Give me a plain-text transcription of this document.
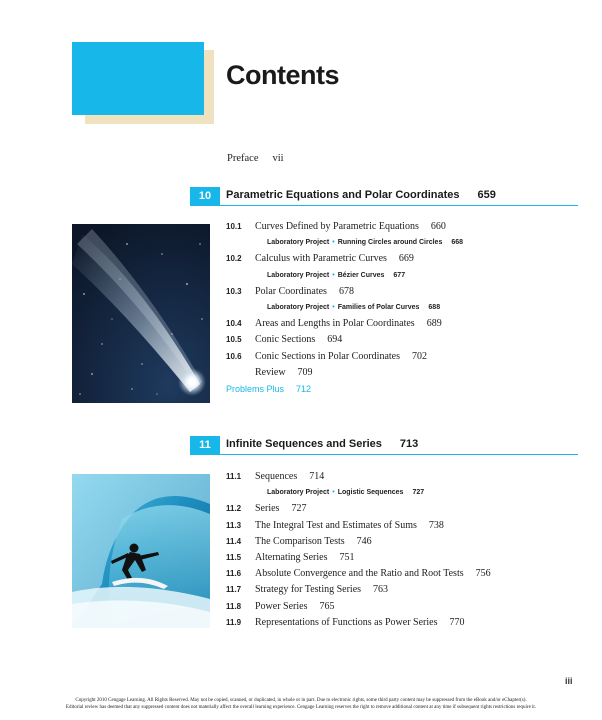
Contents
Preface vii
10	Parametric Equations and Polar Coordinates 659
10.1 Curves Defined by Parametric Equations 660
Laboratory Project • Running Circles around Circles 668
10.2 Calculus with Parametric Curves 669
Laboratory Project • Bézier Curves 677
10.3 Polar Coordinates 678
Laboratory Project • Families of Polar Curves 688
10.4 Areas and Lengths in Polar Coordinates 689
10.5 Conic Sections 694
10.6 Conic Sections in Polar Coordinates 702
Review 709
Problems Plus 712
11	Infinite Sequences and Series 713
11.1 Sequences 714
Laboratory Project • Logistic Sequences 727
11.2 Series 727
11.3 The Integral Test and Estimates of Sums 738
11.4 The Comparison Tests 746
11.5 Alternating Series 751
11.6 Absolute Convergence and the Ratio and Root Tests 756
11.7 Strategy for Testing Series 763
11.8 Power Series 765
11.9 Representations of Functions as Power Series 770
iii
Copyright 2010 Cengage Learning. All Rights Reserved. May not be copied, scanned, or duplicated, in whole or in part. Due to electronic rights, some third party content may be suppressed from the eBook and/or eChapter(s).
Editorial review has deemed that any suppressed content does not materially affect the overall learning experience. Cengage Learning reserves the right to remove additional content at any time if subsequent rights restrictions require it.
